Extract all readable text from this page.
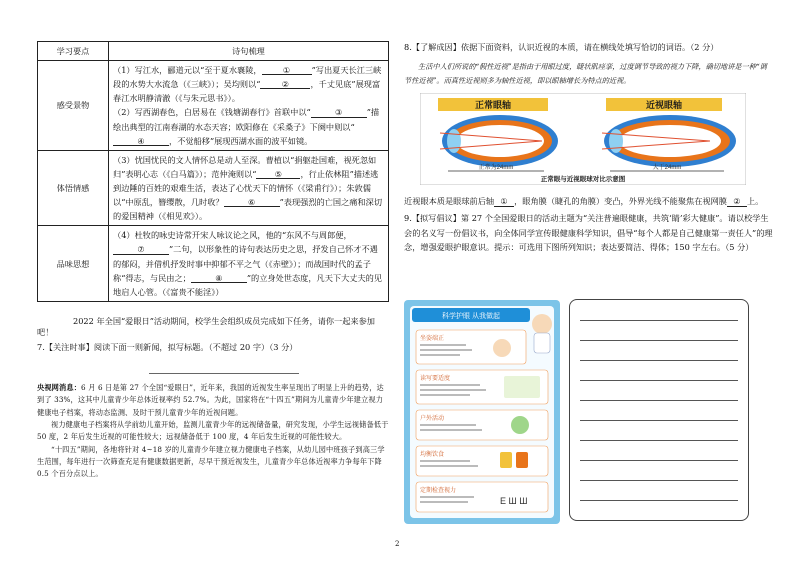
学习要点	诗句梳理
感受景物	（1）写江水，郦道元以“至于夏水襄陵， ① ”写出夏天长江三峡段的水势大水流急（《三峡》）；吴均则以“ ② ，千丈见底”展现富春江水明静清澈（《与朱元思书》）。
（2）写西湖春色，白居易在《钱塘湖春行》首联中以“ ③ ”描绘出典型的江南春湖的水态天容；欧阳修在《采桑子》下阕中则以“④ ，不觉船移”展现西湖水面的波平如镜。

体悟情感	（3）忧国忧民的文人情怀总是动人至深。曹植以“捐躯赴国难，视死忽如归”表明心志（《白马篇》）；范仲淹则以“ ⑤ ，行止依林阻”描述逃到边陲的百姓的艰难生活，表达了心忧天下的情怀（《梁甫行》）；朱敦儒以“中原乱，簪缨散，几时收？ ⑥ ”表现强烈的亡国之痛和深切的爱国精神（《相见欢》）。
品味思想	（4）杜牧的咏史诗常开宋人咏议论之风，他的“东风不与周郎便，⑦ ”二句，以形象性的诗句表达历史之思，抒发自己怀才不遇的郁闷，并借机抒发时事中抑郁不平之气（《赤壁》）；而战国时代的孟子称“得志，与民由之； ⑧ ”的立身处世态度，凡天下大丈夫的见地启人心管。（《富贵不能淫》）
2022 年全国“爱眼日”活动期间，校学生会组织成员完成如下任务，请你一起来参加吧！
7.【关注时事】阅读下面一则新闻，拟写标题。（不超过 20 字）（3 分）

央视网消息：6 月 6 日是第 27 个全国“爱眼日”，近年来，我国的近视发生率呈现出了明显上升的趋势，达到了 33%，这其中儿童青少年总体近视率约 52.7%。为此，国家将在“十四五”期间为儿童青少年建立视力健康电子档案，将动态监测、及时干预儿童青少年的近视问题。

视力健康电子档案将从学前幼儿童开始，监测儿童青少年的远视储备量，研究发现，小学生远视储备低于 50 度，2 年后发生近视的可能性较大；远视储备低于 100 度，4 年后发生近视的可能性较大。

“十四五”期间，各地将针对 4~18 岁的儿童青少年建立视力健康电子档案，从幼儿园中班孩子到高三学生范围，每年进行一次筛查充足有健康数据更新，尽早干预近视发生，儿童青少年总体近视率力争每年下降 0.5 个百分点以上。

8.【了解成因】依据下面资料，认识近视的本质，请在横线处填写恰切的词语。（2 分）
生活中人们所说的“假性近视”是指由于用眼过度，睫状肌痉挛，过度调节导致的视力下降，确切地讲是一种“调节性近视”。而真性近视则多为轴性近视，即以眼轴增长为特点的近视。
正常眼轴	近视眼轴
正常为24mm	大于24mm
正常眼与近视眼球对比示意图
近视眼本质是眼球前后轴 ① ，眼角膜（睫孔的角膜）变凸，外界光线不能聚焦在视网膜 ② 上。
9.【拟写倡议】第 27 个全国爱眼日的活动主题为“关注普遍眼健康，共筑‘睛’彩大健康”。请以校学生会的名义写一份倡议书，向全体同学宣传眼健康科学知识，倡导“每个人都是自己健康第一责任人”的理念，增强爱眼护眼意识。提示：可选用下图所列知识；表达要简洁、得体；150 字左右。（5 分）
科学护眼 从我做起
坐姿端正
读写要适度
户外活动
均衡饮食
定期检查视力
E Ш Ш
2
